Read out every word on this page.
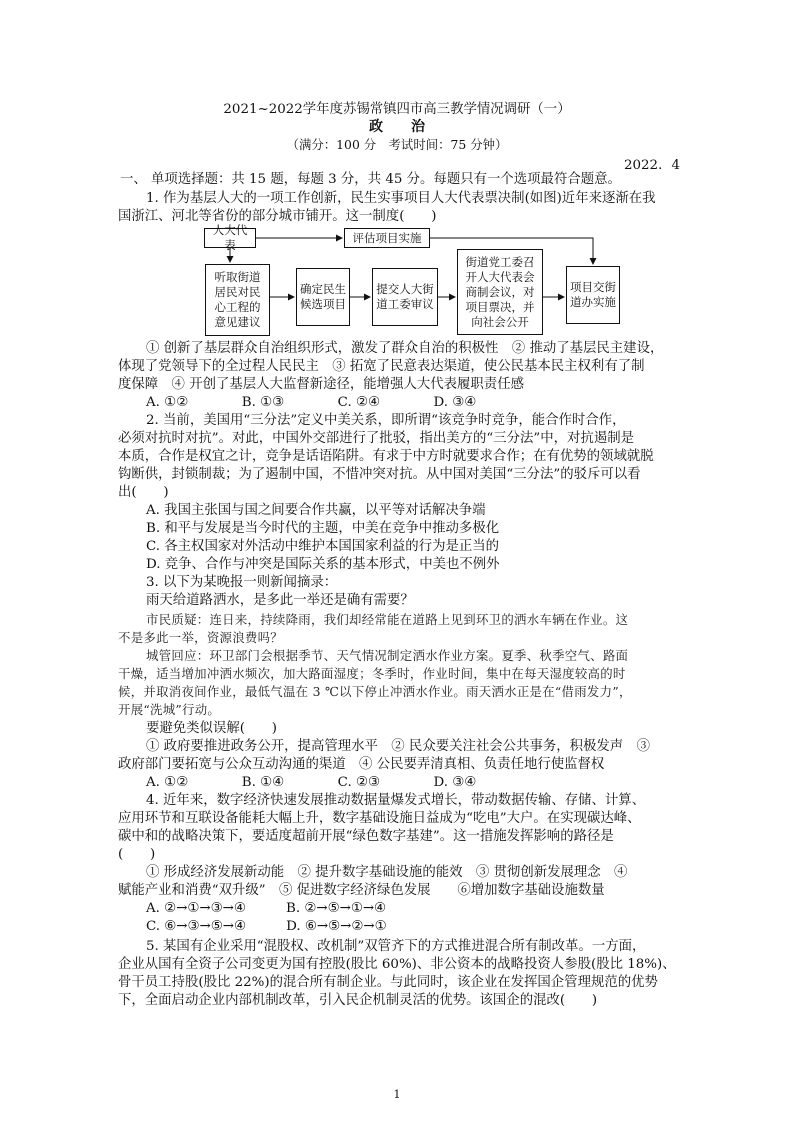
2021~2022学年度苏锡常镇四市高三教学情况调研（一）
政　　治
（满分：100 分　考试时间：75 分钟）
2022．4
一、 单项选择题：共 15 题，每题 3 分，共 45 分。每题只有一个选项最符合题意。
1. 作为基层人大的一项工作创新，民生实事项目人大代表票决制(如图)近年来逐渐在我
国浙江、河北等省份的部分城市铺开。这一制度(　　)
人大代表
评估项目实施
听取街道居民对民心工程的意见建议
确定民生候选项目
提交人大街道工委审议
街道党工委召开人大代表会商制会议，对项目票决，并向社会公开
项目交街道办实施
① 创新了基层群众自治组织形式，激发了群众自治的积极性　② 推动了基层民主建设，
体现了党领导下的全过程人民民主　③ 拓宽了民意表达渠道，使公民基本民主权利有了制
度保障　④ 开创了基层人大监督新途径，能增强人大代表履职责任感
A. ①②　　　　B. ①③　　　　C. ②④　　　　D. ③④
2. 当前，美国用“三分法”定义中美关系，即所谓“该竞争时竞争，能合作时合作，
必须对抗时对抗”。对此，中国外交部进行了批驳，指出美方的“三分法”中，对抗遏制是
本质，合作是权宜之计，竞争是话语陷阱。有求于中方时就要求合作；在有优势的领域就脱
钩断供，封锁制裁；为了遏制中国，不惜冲突对抗。从中国对美国“三分法”的驳斥可以看
出(　　)
A. 我国主张国与国之间要合作共赢，以平等对话解决争端
B. 和平与发展是当今时代的主题，中美在竞争中推动多极化
C. 各主权国家对外活动中维护本国国家利益的行为是正当的
D. 竞争、合作与冲突是国际关系的基本形式，中美也不例外
3. 以下为某晚报一则新闻摘录：
雨天给道路洒水，是多此一举还是确有需要？
市民质疑：连日来，持续降雨，我们却经常能在道路上见到环卫的洒水车辆在作业。这
不是多此一举，资源浪费吗？
城管回应：环卫部门会根据季节、天气情况制定洒水作业方案。夏季、秋季空气、路面
干燥，适当增加冲洒水频次，加大路面湿度；冬季时，作业时间，集中在每天湿度较高的时
候，并取消夜间作业，最低气温在 3 ℃以下停止冲洒水作业。雨天洒水正是在“借雨发力”，
开展“洗城”行动。
要避免类似误解(　　)
① 政府要推进政务公开，提高管理水平　② 民众要关注社会公共事务，积极发声　③
政府部门要拓宽与公众互动沟通的渠道　④ 公民要弄清真相、负责任地行使监督权
A. ①②　　　　B. ①④　　　　C. ②③　　　　D. ③④
4. 近年来，数字经济快速发展推动数据量爆发式增长，带动数据传输、存储、计算、
应用环节和互联设备能耗大幅上升，数字基础设施日益成为“吃电”大户。在实现碳达峰、
碳中和的战略决策下，要适度超前开展“绿色数字基建”。这一措施发挥影响的路径是
(　　)
① 形成经济发展新动能　② 提升数字基础设施的能效　③ 贯彻创新发展理念　④
赋能产业和消费“双升级”　⑤ 促进数字经济绿色发展　　⑥增加数字基础设施数量
A. ②→①→③→④　　　B. ②→⑤→①→④
C. ⑥→③→⑤→④　　　D. ⑥→⑤→②→①
5. 某国有企业采用“混股权、改机制”双管齐下的方式推进混合所有制改革。一方面，
企业从国有全资子公司变更为国有控股(股比 60%)、非公资本的战略投资人参股(股比 18%)、
骨干员工持股(股比 22%)的混合所有制企业。与此同时，该企业在发挥国企管理规范的优势
下，全面启动企业内部机制改革，引入民企机制灵活的优势。该国企的混改(　　)
1
